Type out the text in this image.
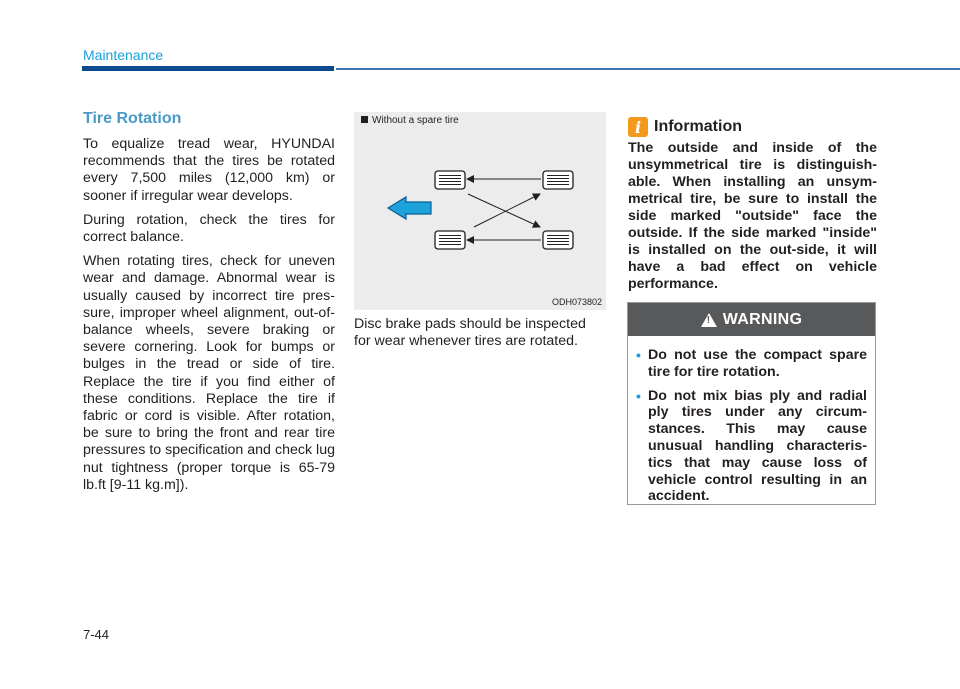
Maintenance
Tire Rotation

To equalize tread wear, HYUNDAI recommends that the tires be rotated every 7,500 miles (12,000 km) or sooner if irregular wear develops.

During rotation, check the tires for correct balance.

When rotating tires, check for uneven wear and damage. Abnormal wear is usually caused by incorrect tire pres-sure, improper wheel alignment, out-of-balance wheels, severe braking or severe cornering. Look for bumps or bulges in the tread or side of tire. Replace the tire if you find either of these conditions. Replace the tire if fabric or cord is visible. After rotation, be sure to bring the front and rear tire pressures to specification and check lug nut tightness (proper torque is 65-79 lb.ft [9-11 kg.m]).

Without a spare tire
ODH073802

Disc brake pads should be inspected for wear whenever tires are rotated.

i Information

The outside and inside of the unsymmetrical tire is distinguish-able. When installing an unsym-metrical tire, be sure to install the side marked "outside" face the outside. If the side marked "inside" is installed on the out-side, it will have a bad effect on vehicle performance.

! WARNING
• Do not use the compact spare tire for tire rotation.
• Do not mix bias ply and radial ply tires under any circum-stances. This may cause unusual handling characteris-tics that may cause loss of vehicle control resulting in an accident.
7-44
